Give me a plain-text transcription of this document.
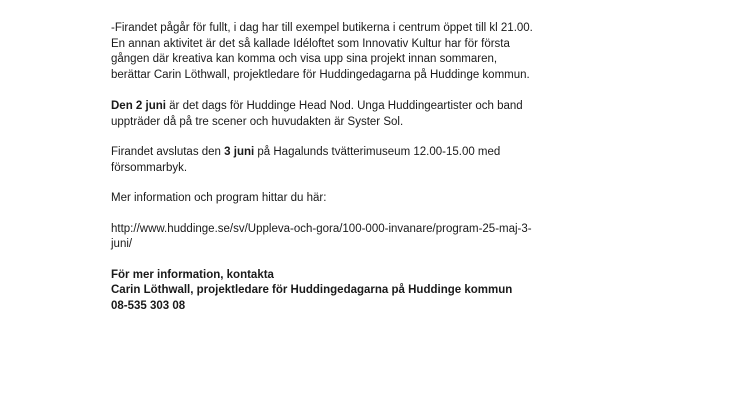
-Firandet pågår för fullt, i dag har till exempel butikerna i centrum öppet till kl 21.00.
En annan aktivitet är det så kallade Idéloftet som Innovativ Kultur har för första
gången där kreativa kan komma och visa upp sina projekt innan sommaren,
berättar Carin Löthwall, projektledare för Huddingedagarna på Huddinge kommun.

Den 2 juni är det dags för Huddinge Head Nod. Unga Huddingeartister och band
uppträder då på tre scener och huvudakten är Syster Sol.

Firandet avslutas den 3 juni på Hagalunds tvätterimuseum 12.00-15.00 med
försommarbyk.

Mer information och program hittar du här:

http://www.huddinge.se/sv/Uppleva-och-gora/100-000-invanare/program-25-maj-3-
juni/

För mer information, kontakta
Carin Löthwall, projektledare för Huddingedagarna på Huddinge kommun
08-535 303 08
